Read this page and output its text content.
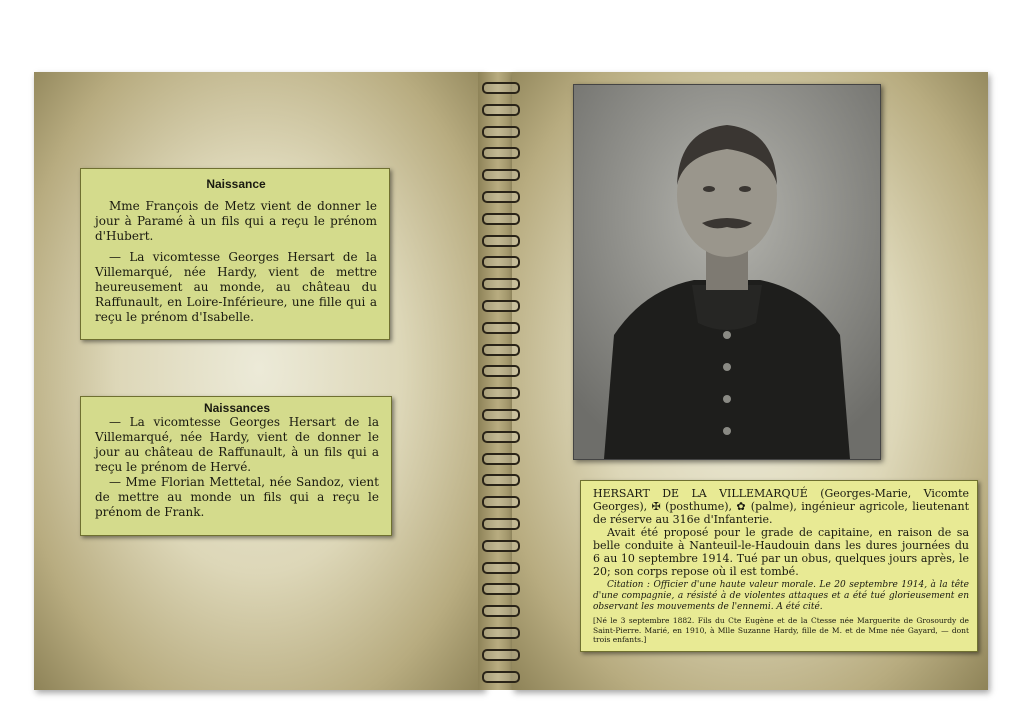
Naissance

Mme François de Metz vient de donner le jour à Paramé à un fils qui a reçu le prénom d'Hubert.

— La vicomtesse Georges Hersart de la Villemarqué, née Hardy, vient de mettre heureusement au monde, au château du Raffunault, en Loire-Inférieure, une fille qui a reçu le prénom d'Isabelle.

Naissances

— La vicomtesse Georges Hersart de la Villemarqué, née Hardy, vient de donner le jour au château de Raffunault, à un fils qui a reçu le prénom de Hervé.

— Mme Florian Mettetal, née Sandoz, vient de mettre au monde un fils qui a reçu le prénom de Frank.

HERSART DE LA VILLEMARQUÉ (Georges-Marie, Vicomte Georges), ✠ (posthume), ✿ (palme), ingénieur agricole, lieutenant de réserve au 316e d'Infanterie.

Avait été proposé pour le grade de capitaine, en raison de sa belle conduite à Nanteuil-le-Haudouin dans les dures journées du 6 au 10 septembre 1914. Tué par un obus, quelques jours après, le 20; son corps repose où il est tombé.

Citation : Officier d'une haute valeur morale. Le 20 septembre 1914, à la tête d'une compagnie, a résisté à de violentes attaques et a été tué glorieusement en observant les mouvements de l'ennemi. A été cité.

[Né le 3 septembre 1882. Fils du Cte Eugène et de la Ctesse née Marguerite de Grosourdy de Saint-Pierre. Marié, en 1910, à Mlle Suzanne Hardy, fille de M. et de Mme née Gayard, — dont trois enfants.]
